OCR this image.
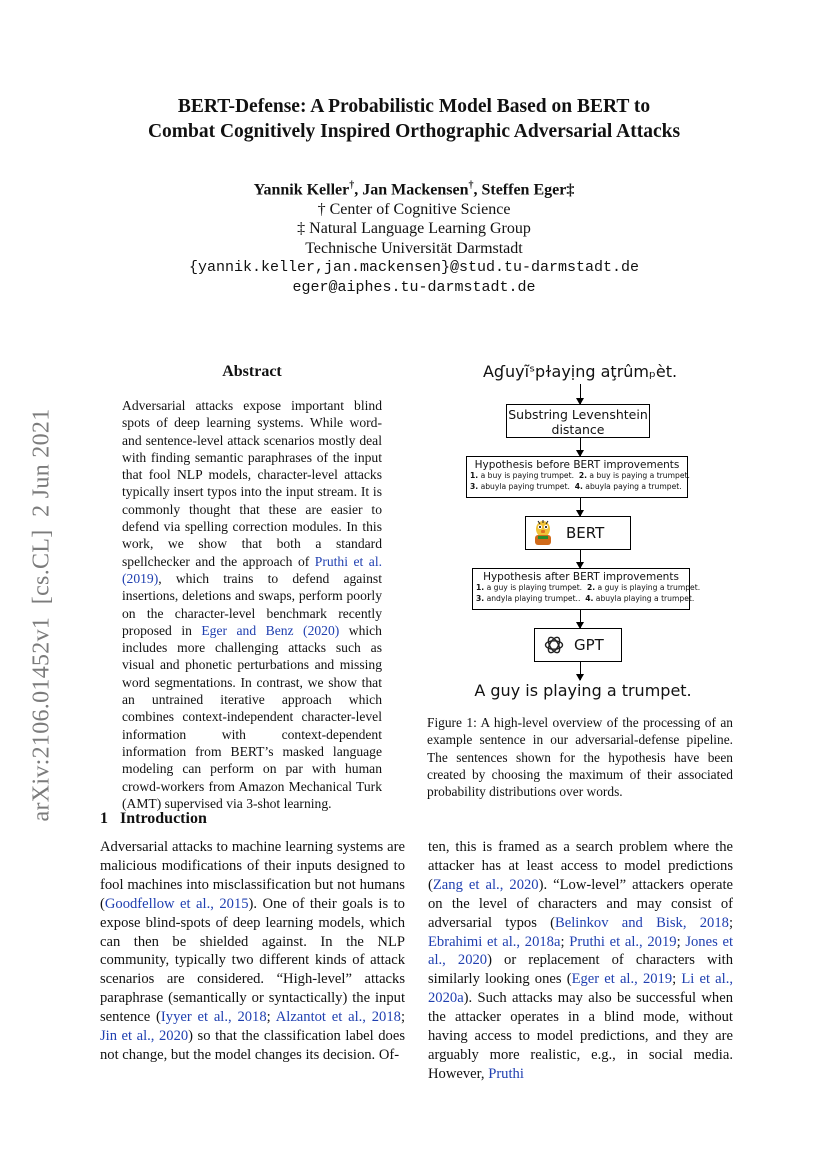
BERT-Defense: A Probabilistic Model Based on BERT to
Combat Cognitively Inspired Orthographic Adversarial Attacks
Yannik Keller†, Jan Mackensen†, Steffen Eger‡
† Center of Cognitive Science
‡ Natural Language Learning Group
Technische Universität Darmstadt
{yannik.keller,jan.mackensen}@stud.tu-darmstadt.de
eger@aiphes.tu-darmstadt.de
arXiv:2106.01452v1  [cs.CL]  2 Jun 2021
Abstract
Adversarial attacks expose important blind spots of deep learning systems. While word- and sentence-level attack scenarios mostly deal with finding semantic paraphrases of the input that fool NLP models, character-level attacks typically insert typos into the input stream. It is commonly thought that these are easier to defend via spelling correction modules. In this work, we show that both a standard spellchecker and the approach of Pruthi et al. (2019), which trains to defend against insertions, deletions and swaps, perform poorly on the character-level benchmark recently proposed in Eger and Benz (2020) which includes more challenging attacks such as visual and phonetic perturbations and missing word segmentations. In contrast, we show that an untrained iterative approach which combines context-independent character-level information with context-dependent information from BERT’s masked language modeling can perform on par with human crowd-workers from Amazon Mechanical Turk (AMT) supervised via 3-shot learning.
Aɠuyĩˢpɫayịng aţrûmₚèt.
Substring Levenshtein
distance
Hypothesis before BERT improvements
1. a buy is paying trumpet. 2. a buy is paying a trumpet.
3. abuyla paying trumpet. 4. abuyla paying a trumpet.
BERT
Hypothesis after BERT improvements
1. a guy is playing trumpet. 2. a guy is playing a trumpet.
3. andyla playing trumpet.. 4. abuyla playing a trumpet.
GPT
A guy is playing a trumpet.
Figure 1: A high-level overview of the processing of an example sentence in our adversarial-defense pipeline. The sentences shown for the hypothesis have been created by choosing the maximum of their associated probability distributions over words.
1   Introduction
Adversarial attacks to machine learning systems are malicious modifications of their inputs designed to fool machines into misclassification but not humans (Goodfellow et al., 2015). One of their goals is to expose blind-spots of deep learning models, which can then be shielded against. In the NLP community, typically two different kinds of attack scenarios are considered. “High-level” attacks paraphrase (semantically or syntactically) the input sentence (Iyyer et al., 2018; Alzantot et al., 2018; Jin et al., 2020) so that the classification label does not change, but the model changes its decision. Of-
ten, this is framed as a search problem where the attacker has at least access to model predictions (Zang et al., 2020). “Low-level” attackers operate on the level of characters and may consist of adversarial typos (Belinkov and Bisk, 2018; Ebrahimi et al., 2018a; Pruthi et al., 2019; Jones et al., 2020) or replacement of characters with similarly looking ones (Eger et al., 2019; Li et al., 2020a). Such attacks may also be successful when the attacker operates in a blind mode, without having access to model predictions, and they are arguably more realistic, e.g., in social media. However, Pruthi
